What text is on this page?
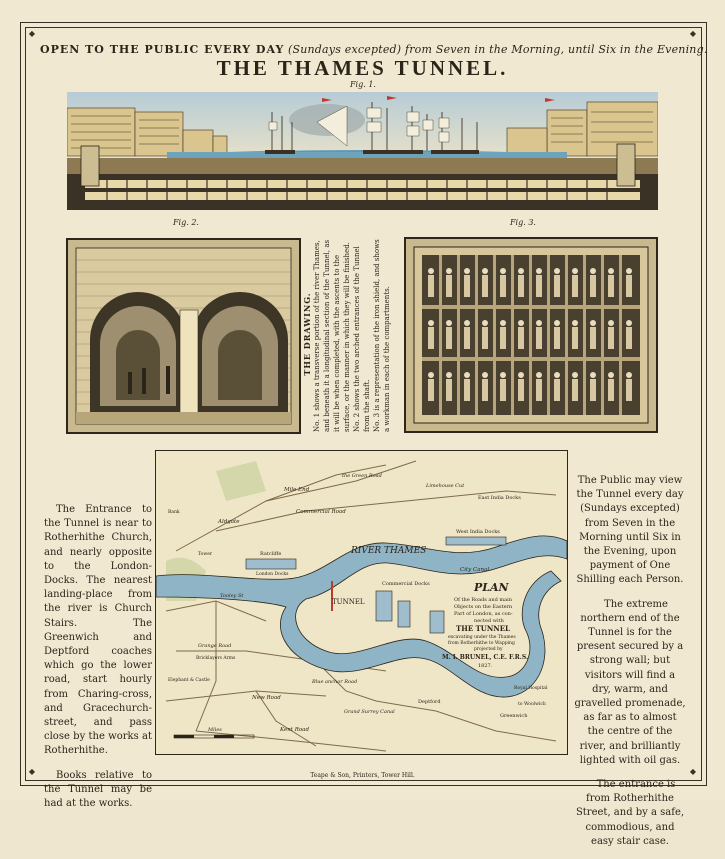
◆	◆
◆	◆
OPEN TO THE PUBLIC EVERY DAY (Sundays excepted) from Seven in the Morning, until Six in the Evening.
THE THAMES TUNNEL.
Fig. 1.
Fig. 2.	Fig. 3.
THE DRAWING. No. 1 shows a transverse portion of the river Thames, and beneath it a longitudinal section of the Tunnel, as it will be when completed, with the ascents to the surface, or the manner in which they will be finished. No. 2 shows the two arched entrances of the Tunnel from the shaft. No. 3 is a representation of the iron shield, and shows a workman in each of the compartments.

The Entrance to the Tunnel is near to Rotherhithe Church, and nearly opposite to the London-Docks. The nearest landing-place from the river is Church Stairs. The Greenwich and Deptford coaches which go the lower road, start hourly from Charing-cross, and Gracechurch-street, and pass close by the works at Rotherhithe.

Books relative to the Tunnel may be had at the works.

The Public may view the Tunnel every day (Sundays excepted) from Seven in the Morning until Six in the Evening, upon payment of One Shilling each Person.

The extreme northern end of the Tunnel is for the present secured by a strong wall; but visitors will find a dry, warm, and gravelled promenade, as far as to almost the centre of the river, and brilliantly lighted with oil gas.

The entrance is from Rotherhithe Street, and by a safe, commodious, and easy stair case.

RIVER THAMES
TUNNEL
PLAN
Of the Roads and main
Objects on the Eastern
Part of London, as con-
nected with
THE TUNNEL
excavating under the Thames
from Rotherhithe to Wapping
projected by
M. I. BRUNEL, C.E. F.R.S.
1827.
Mile End
the Green Road
Commercial Road
Aldgate
Ratcliffe
Limehouse Cut
East India Docks
West India Docks
London Docks
Commercial Docks
City Canal
Tooley St
Bank
Tower
Deptford
Greenwich
Royal Hospital
New Road
Kent Road
Grand Surrey Canal
Miles
to Woolwich
Elephant & Castle
Bricklayers Arms
Blue anchor Road
Grange Road
Teape & Son, Printers, Tower Hill.
